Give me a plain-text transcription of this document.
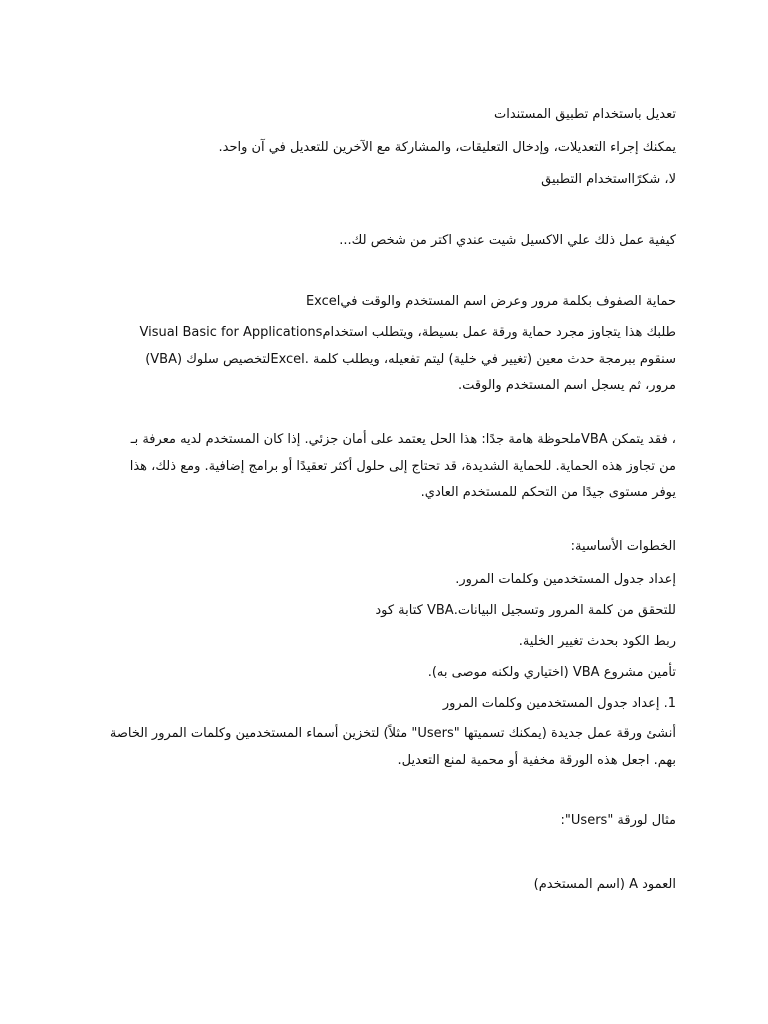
تعديل باستخدام تطبيق المستندات
يمكنك إجراء التعديلات، وإدخال التعليقات، والمشاركة مع الآخرين للتعديل في آن واحد.
لا، شكرًااستخدام التطبيق
كيفية عمل ذلك علي الاكسيل شيت عندي اكتر من شخص لك...
Excelحماية الصفوف بكلمة مرور وعرض اسم المستخدم والوقت في
Visual Basic for Applicationsطلبك هذا يتجاوز مجرد حماية ورقة عمل بسيطة، ويتطلب استخدام
سنقوم ببرمجة حدث معين (تغيير في خلية) ليتم تفعيله، ويطلب كلمة .Excelلتخصيص سلوك (VBA)
مرور، ثم يسجل اسم المستخدم والوقت.
، فقد يتمكن VBAملحوظة هامة جدًا: هذا الحل يعتمد على أمان جزئي. إذا كان المستخدم لديه معرفة بـ
من تجاوز هذه الحماية. للحماية الشديدة، قد تحتاج إلى حلول أكثر تعقيدًا أو برامج إضافية. ومع ذلك، هذا
يوفر مستوى جيدًا من التحكم للمستخدم العادي.
الخطوات الأساسية:
إعداد جدول المستخدمين وكلمات المرور.
للتحقق من كلمة المرور وتسجيل البيانات.VBA كتابة كود
ربط الكود بحدث تغيير الخلية.
تأمين مشروع VBA (اختياري ولكنه موصى به).
1. إعداد جدول المستخدمين وكلمات المرور
أنشئ ورقة عمل جديدة (يمكنك تسميتها "Users" مثلاً) لتخزين أسماء المستخدمين وكلمات المرور الخاصة
بهم. اجعل هذه الورقة مخفية أو محمية لمنع التعديل.
مثال لورقة "Users":
العمود A (اسم المستخدم)
